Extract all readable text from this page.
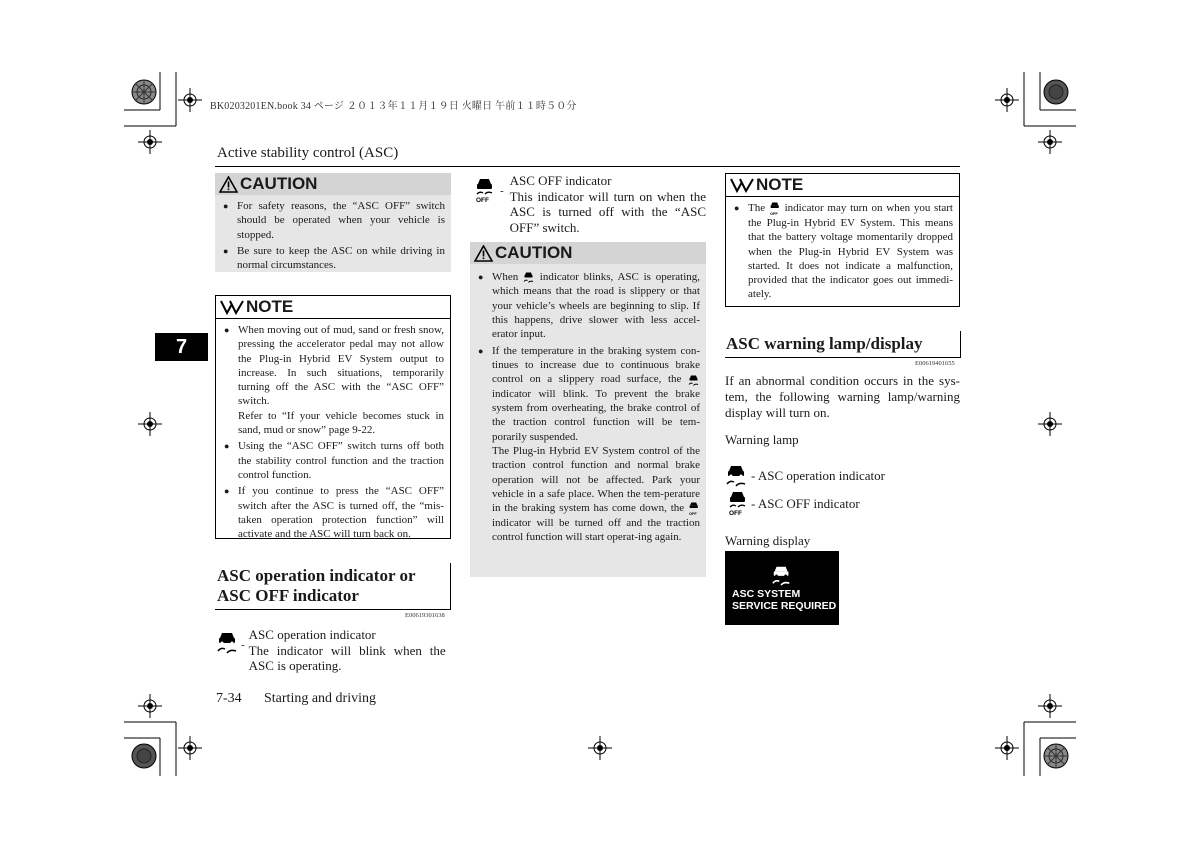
BK0203201EN.book 34 ページ ２０１３年１１月１９日 火曜日 午前１１時５０分
Active stability control (ASC)
7
CAUTION
● For safety reasons, the “ASC OFF” switch should be operated when your vehicle is stopped.
● Be sure to keep the ASC on while driving in normal circumstances.
NOTE
● When moving out of mud, sand or fresh snow, pressing the accelerator pedal may not allow the Plug-in Hybrid EV System output to increase. In such situations, temporarily turning off the ASC with the “ASC OFF” switch.
Refer to “If your vehicle becomes stuck in sand, mud or snow” page 9-22.
● Using the “ASC OFF” switch turns off both the stability control function and the traction control function.
● If you continue to press the “ASC OFF” switch after the ASC is turned off, the “mis-taken operation protection function” will activate and the ASC will turn back on.
ASC operation indicator or
ASC OFF indicator
E00619301638
-
ASC operation indicator
The indicator will blink when the ASC is operating.
7-34 Starting and driving
OFF
-
ASC OFF indicator
This indicator will turn on when the ASC is turned off with the “ASC OFF” switch.
CAUTION
● When indicator blinks, ASC is operating, which means that the road is slippery or that your vehicle’s wheels are beginning to slip. If this happens, drive slower with less accel-erator input.
● If the temperature in the braking system con-tinues to increase due to continuous brake control on a slippery road surface, the  indicator will blink. To prevent the brake system from overheating, the brake control of the traction control function will be tem-porarily suspended.
The Plug-in Hybrid EV System control of the traction control function and normal brake operation will not be affected. Park your vehicle in a safe place. When the tem-perature in the braking system has come down, the
OFF
indicator will be turned off and the traction control function will start operat-ing again.
NOTE
● The
OFF
indicator may turn on when you start the Plug-in Hybrid EV System. This means that the battery voltage momentarily dropped when the Plug-in Hybrid EV System was started. It does not indicate a malfunction, provided that the indicator goes out immedi-ately.
ASC warning lamp/display
E00619401655
If an abnormal condition occurs in the sys-tem, the following warning lamp/warning display will turn on.
Warning lamp
- ASC operation indicator
OFF
- ASC OFF indicator
Warning display
ASC SYSTEM
SERVICE REQUIRED
